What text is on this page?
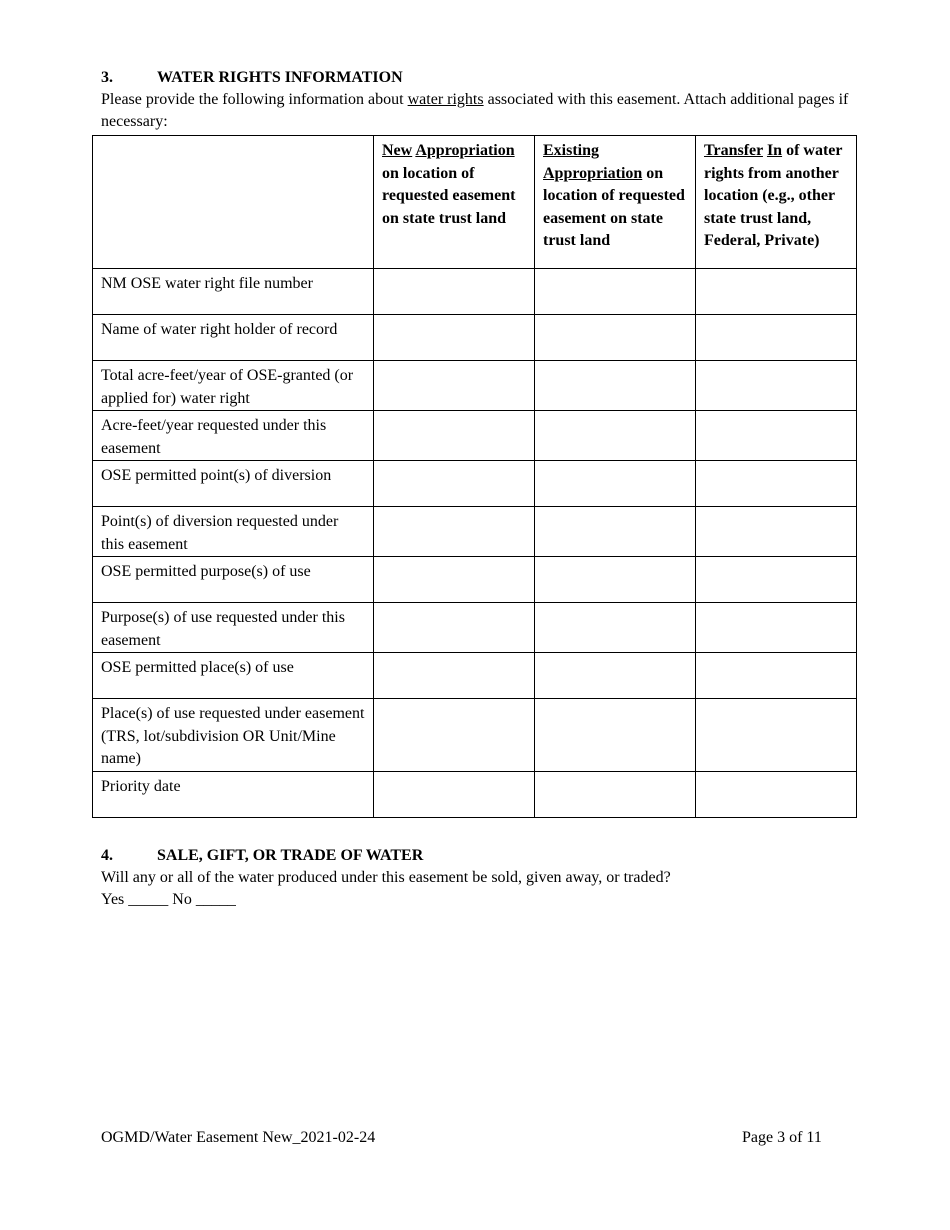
3.	WATER RIGHTS INFORMATION
Please provide the following information about water rights associated with this easement. Attach additional pages if necessary:
	New Appropriation on location of requested easement on state trust land	Existing Appropriation on location of requested easement on state trust land	Transfer In of water rights from another location (e.g., other state trust land, Federal, Private)
NM OSE water right file number			
Name of water right holder of record			
Total acre-feet/year of OSE-granted (or applied for) water right			
Acre-feet/year requested under this easement			
OSE permitted point(s) of diversion			
Point(s) of diversion requested under this easement			
OSE permitted purpose(s) of use			
Purpose(s) of use requested under this easement			
OSE permitted place(s) of use			
Place(s) of use requested under easement (TRS, lot/subdivision OR Unit/Mine name)			
Priority date			
4.	SALE, GIFT, OR TRADE OF WATER
Will any or all of the water produced under this easement be sold, given away, or traded?
Yes _____ No _____
OGMD/Water Easement New_2021-02-24	Page 3 of 11
